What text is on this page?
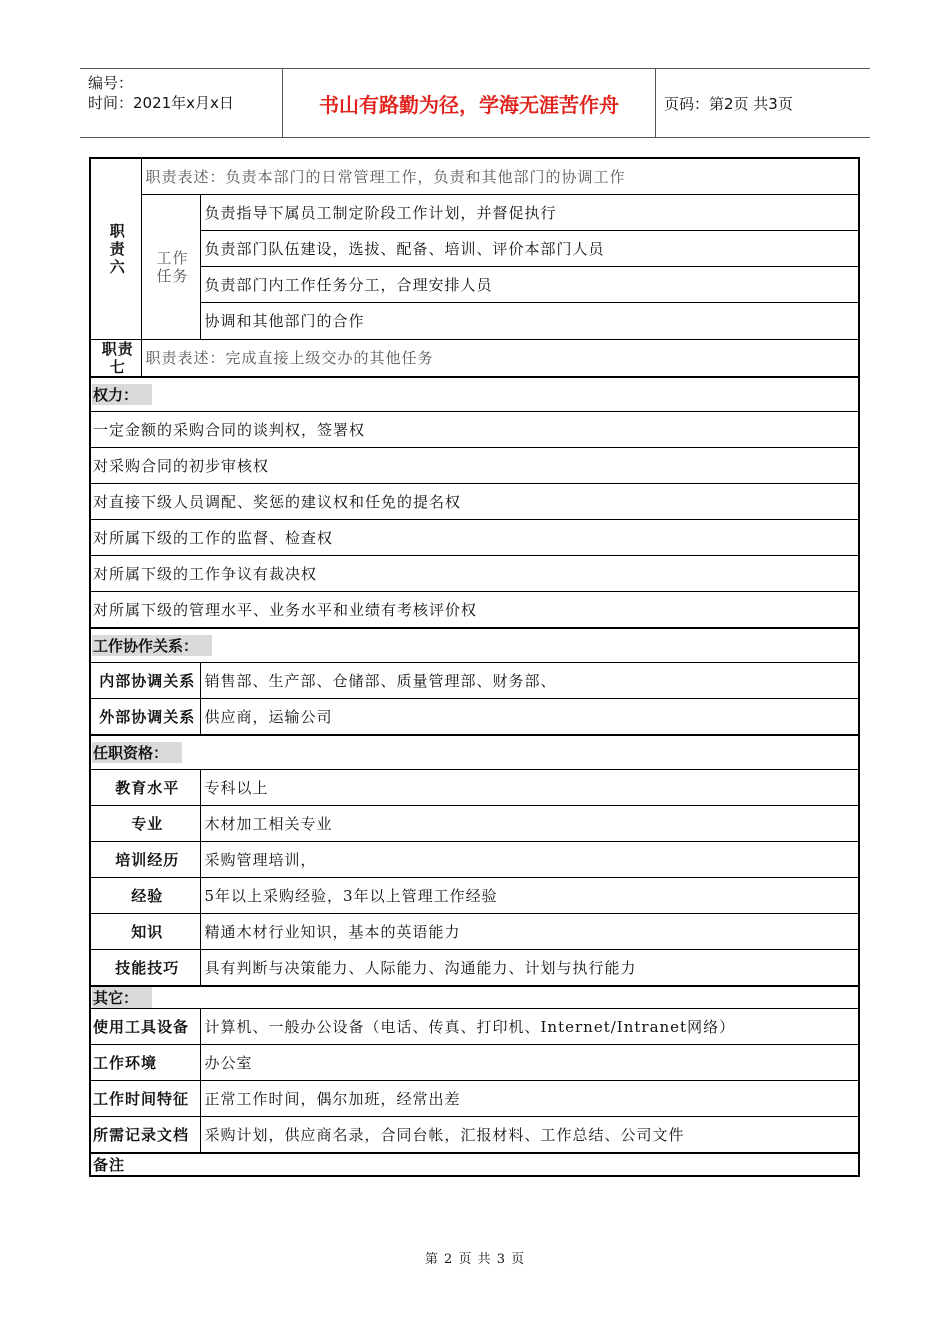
编号：
时间：2021年x月x日	书山有路勤为径，学海无涯苦作舟	页码：第2页 共3页
职
责
六	职责表述：负责本部门的日常管理工作，负责和其他部门的协调工作	

	工作
任务	负责指导下属员工制定阶段工作计划，并督促执行
		负责部门队伍建设，选拔、配备、培训、评价本部门人员
		负责部门内工作任务分工，合理安排人员
		协调和其他部门的合作

职责
七	职责表述：完成直接上级交办的其他任务	
权力：		
一定金额的采购合同的谈判权，签署权		
对采购合同的初步审核权		
对直接下级人员调配、奖惩的建议权和任免的提名权		
对所属下级的工作的监督、检查权		
对所属下级的工作争议有裁决权		
对所属下级的管理水平、业务水平和业绩有考核评价权		
工作协作关系：		
内部协调关系		销售部、生产部、仓储部、质量管理部、财务部、
外部协调关系		供应商，运输公司
任职资格：		
教育水平		专科以上
专业		木材加工相关专业
培训经历		采购管理培训，
经验		5年以上采购经验，3年以上管理工作经验
知识		精通木材行业知识，基本的英语能力
技能技巧		具有判断与决策能力、人际能力、沟通能力、计划与执行能力
其它：		
使用工具设备		计算机、一般办公设备（电话、传真、打印机、Internet/Intranet网络）
工作环境		办公室
工作时间特征		正常工作时间，偶尔加班，经常出差
所需记录文档		采购计划，供应商名录，合同台帐，汇报材料、工作总结、公司文件
备注		
第 2 页 共 3 页
